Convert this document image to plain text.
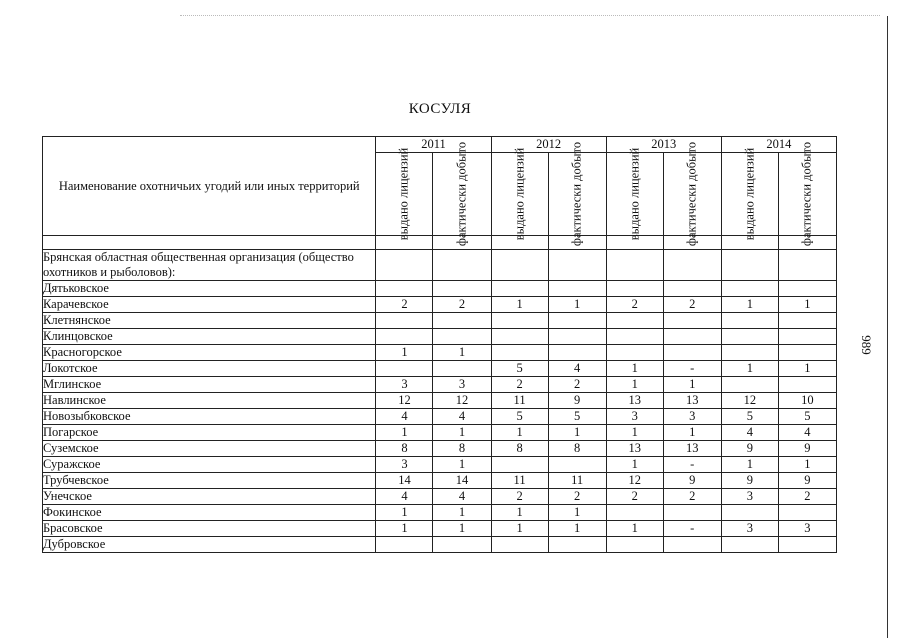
КОСУЛЯ
989
Наименование охотничьих угодий или иных территорий	2011		2012		2013		2014	

	выдано лицензий	фактически добыто	выдано лицензий	фактически добыто	выдано лицензий	фактически добыто	выдано лицензий	фактически добыто

Брянская областная общественная организация (общество охотников и рыболовов):								
Дятьковское								
Карачевское	2	2	1	1	2	2	1	1
Клетнянское								
Клинцовское								
Красногорское	1	1						
Локотское			5	4	1	-	1	1
Мглинское	3	3	2	2	1	1		
Навлинское	12	12	11	9	13	13	12	10
Новозыбковское	4	4	5	5	3	3	5	5
Погарское	1	1	1	1	1	1	4	4
Суземское	8	8	8	8	13	13	9	9
Суражское	3	1			1	-	1	1
Трубчевское	14	14	11	11	12	9	9	9
Унечское	4	4	2	2	2	2	3	2
Фокинское	1	1	1	1				
Брасовское	1	1	1	1	1	-	3	3
Дубровское								
